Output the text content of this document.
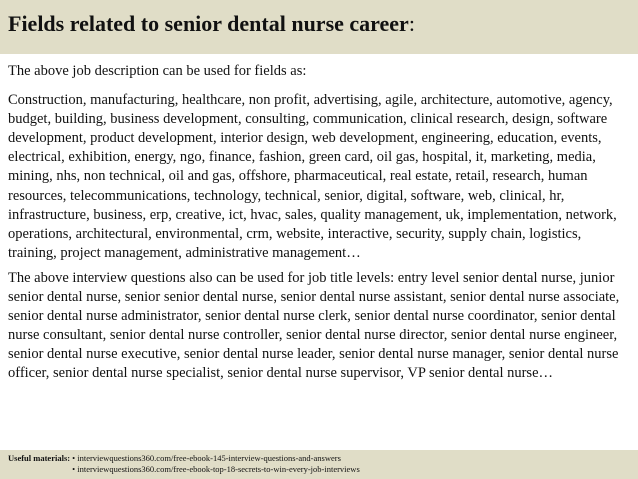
Fields related to senior dental nurse career:

The above job description can be used for fields as:

Construction, manufacturing, healthcare, non profit, advertising, agile, architecture, automotive, agency, budget, building, business development, consulting, communication, clinical research, design, software development, product development, interior design, web development, engineering, education, events, electrical, exhibition, energy, ngo, finance, fashion, green card, oil gas, hospital, it, marketing, media, mining, nhs, non technical, oil and gas, offshore, pharmaceutical, real estate, retail, research, human resources, telecommunications, technology, technical, senior, digital, software, web, clinical, hr, infrastructure, business, erp, creative, ict, hvac, sales, quality management, uk, implementation, network, operations, architectural, environmental, crm, website, interactive, security, supply chain, logistics, training, project management, administrative management…

The above interview questions also can be used for job title levels: entry level senior dental nurse, junior senior dental nurse, senior senior dental nurse, senior dental nurse assistant, senior dental nurse associate, senior dental nurse administrator, senior dental nurse clerk, senior dental nurse coordinator, senior dental nurse consultant, senior dental nurse controller, senior dental nurse director, senior dental nurse engineer, senior dental nurse executive, senior dental nurse leader, senior dental nurse manager, senior dental nurse officer, senior dental nurse specialist, senior dental nurse supervisor, VP senior dental nurse…

Useful materials: • interviewquestions360.com/free-ebook-145-interview-questions-and-answers
• interviewquestions360.com/free-ebook-top-18-secrets-to-win-every-job-interviews
